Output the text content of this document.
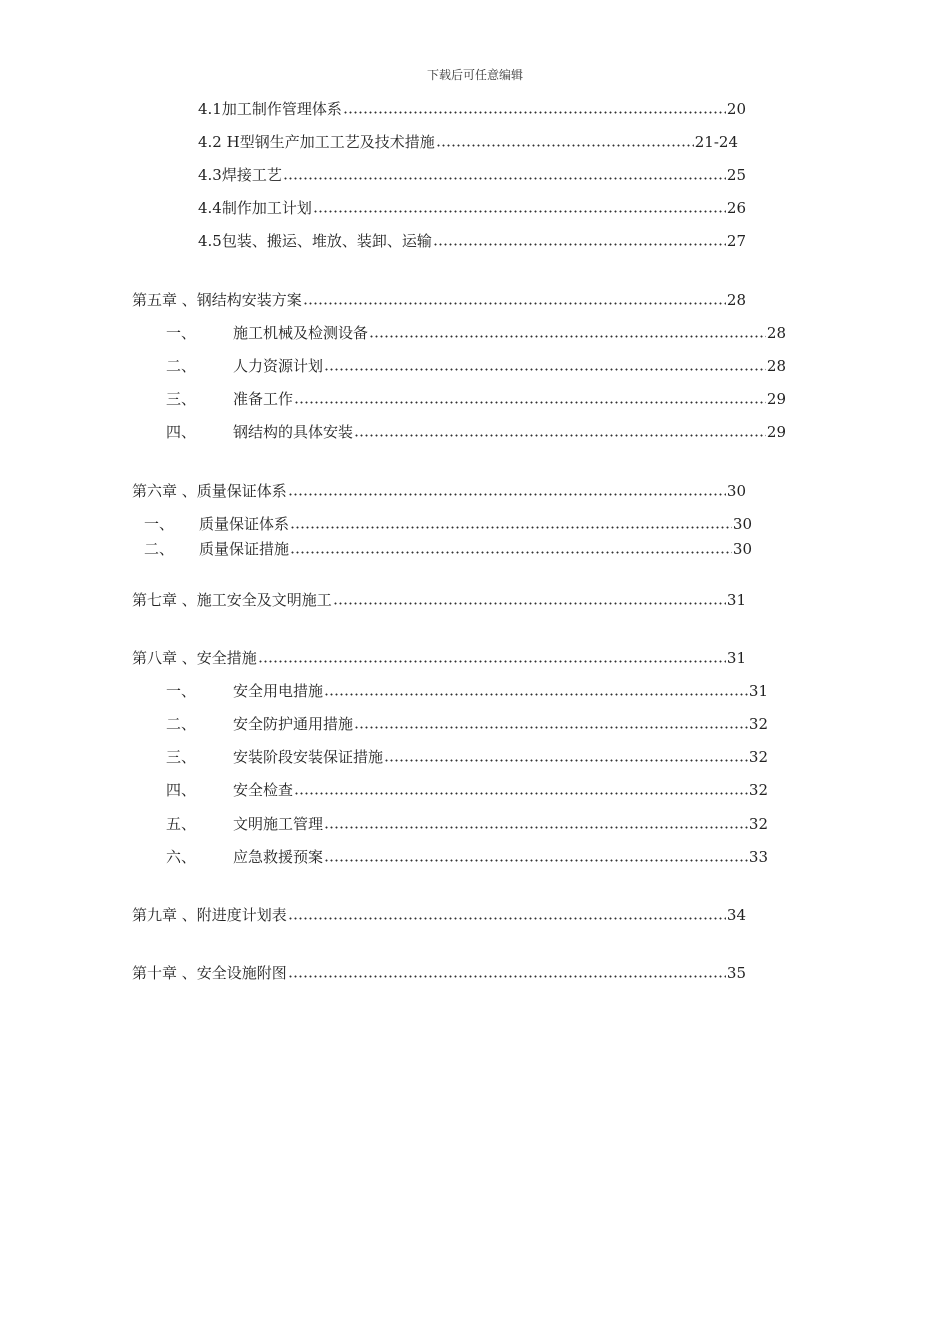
下载后可任意编辑
4.1加工制作管理体系	20
4.2 H型钢生产加工工艺及技术措施	21-24
4.3焊接工艺	25
4.4制作加工计划	26
4.5包装、搬运、堆放、装卸、运输	27
第五章 、钢结构安装方案	28
一、	施工机械及检测设备	28
二、	人力资源计划	28
三、	准备工作	29
四、	钢结构的具体安装	29
第六章 、质量保证体系	30
一、	质量保证体系	30
二、	质量保证措施	30
第七章 、施工安全及文明施工	31
第八章 、安全措施	31
一、	安全用电措施	31
二、	安全防护通用措施	32
三、	安装阶段安装保证措施	32
四、	安全检查	32
五、	文明施工管理	32
六、	应急救援预案	33
第九章 、附进度计划表	34
第十章 、安全设施附图	35
